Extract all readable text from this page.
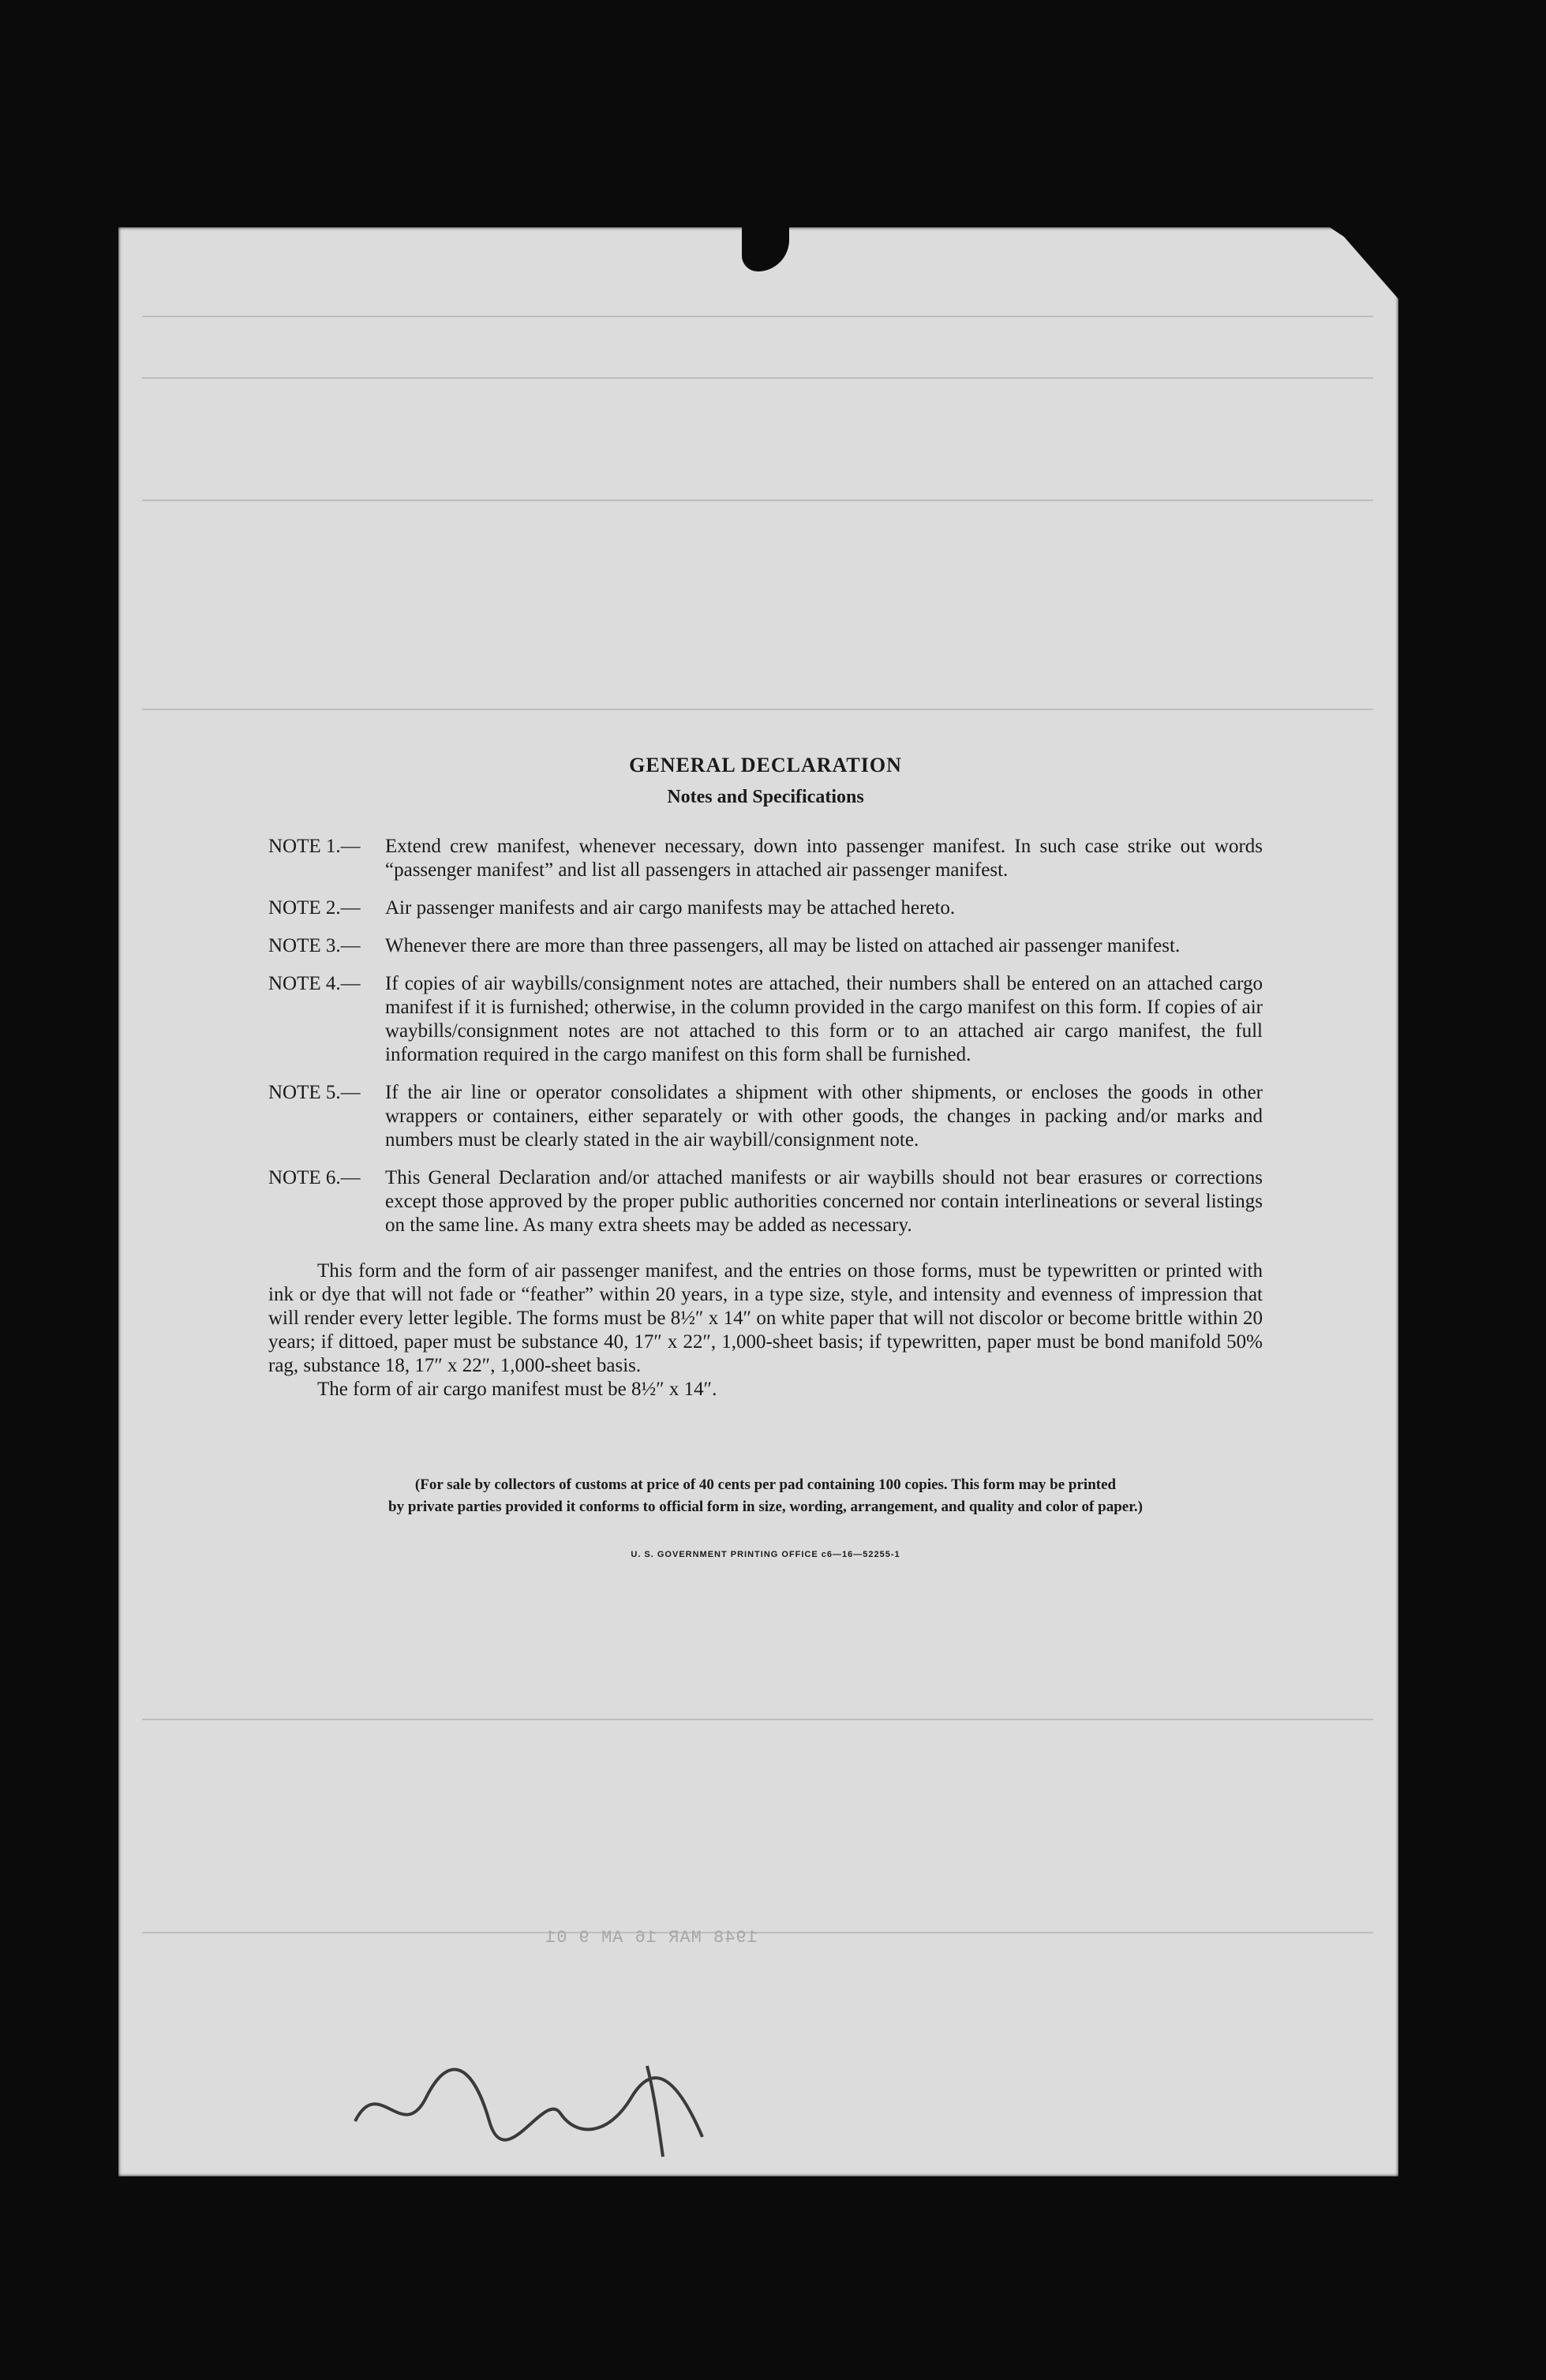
1948 MAR 16 AM 9 01
GENERAL DECLARATION
Notes and Specifications
NOTE 1.—	Extend crew manifest, whenever necessary, down into passenger manifest. In such case strike out words “passenger manifest” and list all passengers in attached air passenger manifest.
NOTE 2.—	Air passenger manifests and air cargo manifests may be attached hereto.
NOTE 3.—	Whenever there are more than three passengers, all may be listed on attached air passenger manifest.
NOTE 4.—	If copies of air waybills/consignment notes are attached, their numbers shall be entered on an attached cargo manifest if it is furnished; otherwise, in the column provided in the cargo manifest on this form. If copies of air waybills/consignment notes are not attached to this form or to an attached air cargo manifest, the full information required in the cargo manifest on this form shall be furnished.
NOTE 5.—	If the air line or operator consolidates a shipment with other shipments, or encloses the goods in other wrappers or containers, either separately or with other goods, the changes in packing and/or marks and numbers must be clearly stated in the air waybill/consignment note.
NOTE 6.—	This General Declaration and/or attached manifests or air waybills should not bear erasures or corrections except those approved by the proper public authorities concerned nor contain interlineations or several listings on the same line. As many extra sheets may be added as necessary.
This form and the form of air passenger manifest, and the entries on those forms, must be typewritten or printed with ink or dye that will not fade or “feather” within 20 years, in a type size, style, and intensity and evenness of impression that will render every letter legible. The forms must be 8½″ x 14″ on white paper that will not discolor or become brittle within 20 years; if dittoed, paper must be substance 40, 17″ x 22″, 1,000-sheet basis; if typewritten, paper must be bond manifold 50% rag, substance 18, 17″ x 22″, 1,000-sheet basis.
The form of air cargo manifest must be 8½″ x 14″.
(For sale by collectors of customs at price of 40 cents per pad containing 100 copies. This form may be printed
by private parties provided it conforms to official form in size, wording, arrangement, and quality and color of paper.)
U. S. GOVERNMENT PRINTING OFFICE c6—16—52255-1
